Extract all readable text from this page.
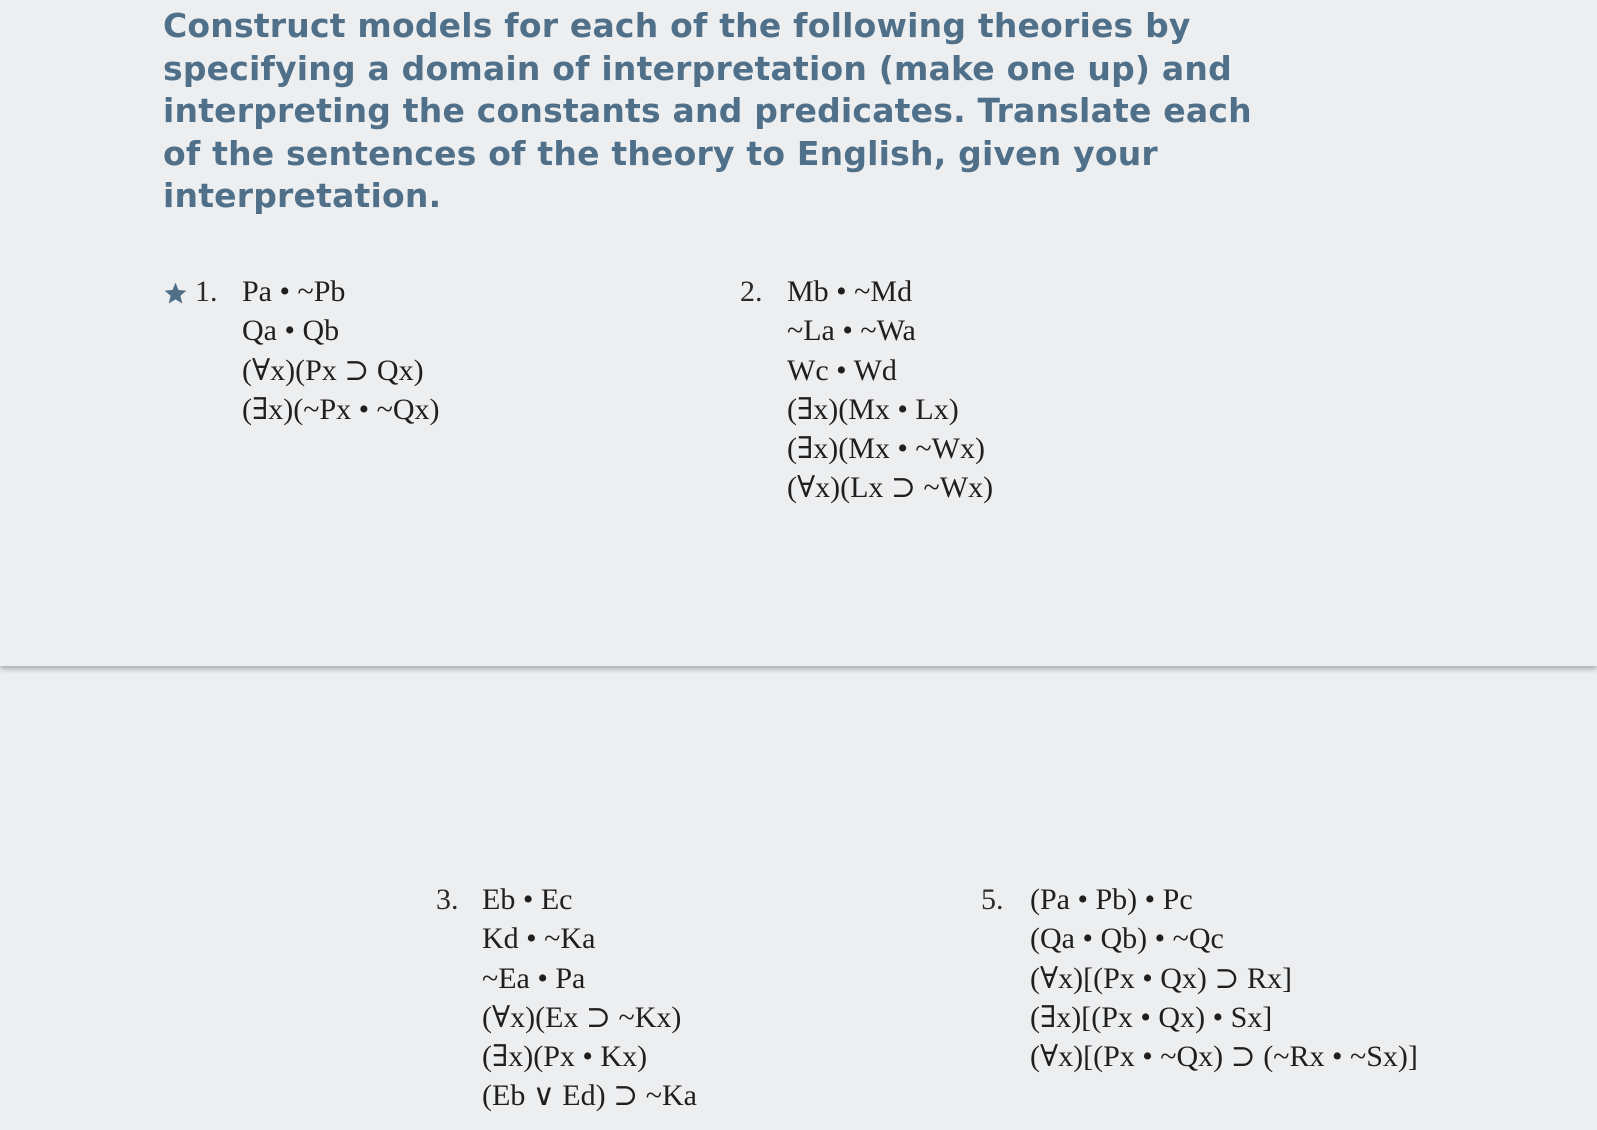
Construct models for each of the following theories by specifying a domain of interpretation (make one up) and interpreting the constants and predicates. Translate each of the sentences of the theory to English, given your interpretation.

1. Pa • ~Pb
Qa • Qb
(∀x)(Px ⊃ Qx)
(∃x)(~Px • ~Qx)
2. Mb • ~Md
~La • ~Wa
Wc • Wd
(∃x)(Mx • Lx)
(∃x)(Mx • ~Wx)
(∀x)(Lx ⊃ ~Wx)
3. Eb • Ec
Kd • ~Ka
~Ea • Pa
(∀x)(Ex ⊃ ~Kx)
(∃x)(Px • Kx)
(Eb ∨ Ed) ⊃ ~Ka
5. (Pa • Pb) • Pc
(Qa • Qb) • ~Qc
(∀x)[(Px • Qx) ⊃ Rx]
(∃x)[(Px • Qx) • Sx]
(∀x)[(Px • ~Qx) ⊃ (~Rx • ~Sx)]
